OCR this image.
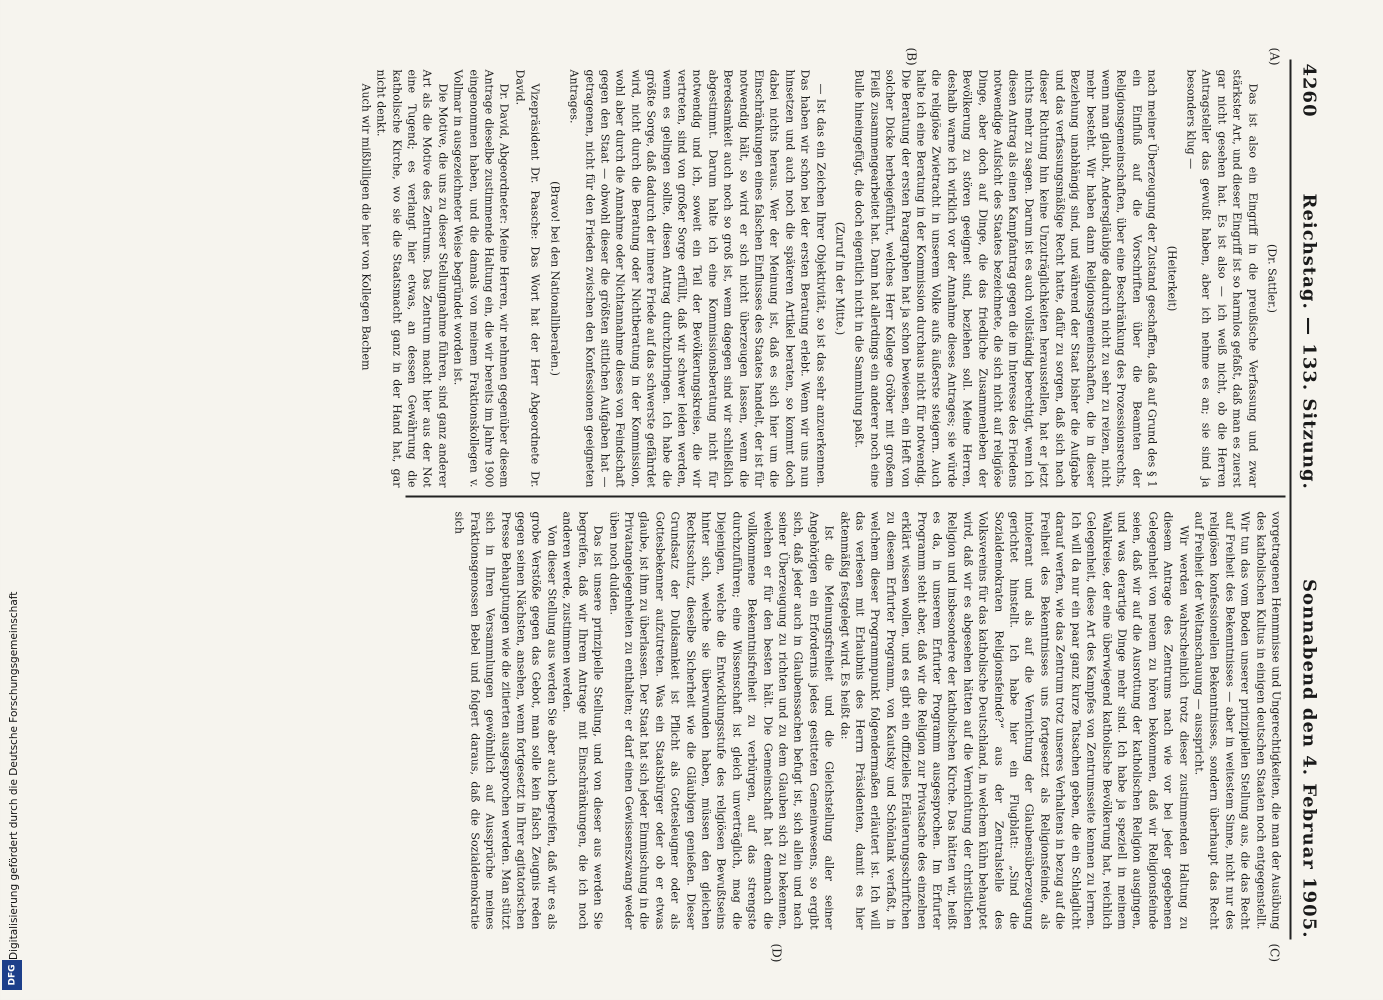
4260
Reichstag. — 133. Sitzung.
Sonnabend den 4. Februar 1905.
(A)
(B)
(C)
(D)

(Dr. Sattler.)

Das ist also ein Eingriff in die preußische Verfassung und zwar stärkster Art, und dieser Eingriff ist so harmlos gefaßt, daß man es zuerst gar nicht gesehen hat. Es ist also — ich weiß nicht, ob die Herren Antragsteller das gewußt haben, aber ich nehme es an; sie sind ja besonders klug —

(Heiterkeit)

nach meiner Überzeugung der Zustand geschaffen, daß auf Grund des § 1 ein Einfluß auf die Vorschriften über die Beamten der Religionsgemeinschaften, über eine Beschränkung des Prozessionsrechts, wenn man glaubt, Andersgläubige dadurch nicht zu sehr zu reizen, nicht mehr besteht. Wir haben dann Religionsgemeinschaften, die in dieser Beziehung unabhängig sind, und während der Staat bisher die Aufgabe und das verfassungsmäßige Recht hatte, dafür zu sorgen, daß sich nach dieser Richtung hin keine Unzuträglichkeiten herausstellen, hat er jetzt nichts mehr zu sagen. Darum ist es auch vollständig berechtigt, wenn ich diesen Antrag als einen Kampfantrag gegen die im Interesse des Friedens notwendige Aufsicht des Staates bezeichnete, die sich nicht auf religiöse Dinge, aber doch auf Dinge, die das friedliche Zusammenleben der Bevölkerung zu stören geeignet sind, beziehen soll. Meine Herren, deshalb warne ich wirklich vor der Annahme dieses Antrages; sie würde die religiöse Zwietracht in unserem Volke aufs äußerste steigern. Auch halte ich eine Beratung in der Kommission durchaus nicht für notwendig. Die Beratung der ersten Paragraphen hat ja schon bewiesen, ein Heft von solcher Dicke herbeigeführt, welches Herr Kollege Gröber mit großem Fleiß zusammengearbeitet hat. Dann hat allerdings ein anderer noch eine Bulle hineingefügt, die doch eigentlich nicht in die Sammlung paßt.

(Zuruf in der Mitte.)

— Ist das ein Zeichen Ihrer Objektivität, so ist das sehr anzuerkennen. Das haben wir schon bei der ersten Beratung erlebt. Wenn wir uns nun hinsetzen und auch noch die späteren Artikel beraten, so kommt doch dabei nichts heraus. Wer der Meinung ist, daß es sich hier um die Einschränkungen eines falschen Einflusses des Staates handelt, der ist für notwendig hält, so wird er sich nicht überzeugen lassen, wenn die Beredsamkeit auch noch so groß ist, wenn dagegen sind wir schließlich abgestimmt. Darum halte ich eine Kommissionsberatung nicht für notwendig und ich, soweit ein Teil der Bevölkerungskreise, die wir vertreten, sind von großer Sorge erfüllt, daß wir schwer leiden werden, wenn es gelingen sollte, diesen Antrag durchzubringen. Ich habe die größte Sorge, daß dadurch der innere Friede auf das schwerste gefährdet wird, nicht durch die Beratung oder Nichtberatung in der Kommission, wohl aber durch die Annahme oder Nichtannahme dieses von Feindschaft gegen den Staat — obwohl dieser die größten sittlichen Aufgaben hat — getragenen, nicht für den Frieden zwischen den Konfessionen geeigneten Antrages.

(Bravo! bei den Nationalliberalen.)

Vizepräsident Dr. Paasche: Das Wort hat der Herr Abgeordnete Dr. David.

Dr. David, Abgeordneter: Meine Herren, wir nehmen gegenüber diesem Antrage dieselbe zustimmende Haltung ein, die wir bereits im Jahre 1900 eingenommen haben, und die damals von meinem Fraktionskollegen v. Vollmar in ausgezeichneter Weise begründet worden ist.

Die Motive, die uns zu dieser Stellungnahme führen, sind ganz anderer Art als die Motive des Zentrums. Das Zentrum macht hier aus der Not eine Tugend; es verlangt hier etwas, an dessen Gewährung die katholische Kirche, wo sie die Staatsmacht ganz in der Hand hat, gar nicht denkt.

Auch wir mißbilligen die hier von Kollegen Bachem

vorgetragenen Hemmnisse und Ungerechtigkeiten, die man der Ausübung des katholischen Kultus in einigen deutschen Staaten noch entgegenstellt. Wir tun das vom Boden unserer prinzipiellen Stellung aus, die das Recht auf Freiheit des Bekenntnisses — aber in weitestem Sinne, nicht nur des religiösen konfessionellen Bekenntnisses, sondern überhaupt das Recht auf Freiheit der Weltanschauung — ausspricht.

Wir werden wahrscheinlich trotz dieser zustimmenden Haltung zu diesem Antrage des Zentrums nach wie vor bei jeder gegebenen Gelegenheit von neuem zu hören bekommen, daß wir Religionsfeinde seien, daß wir auf die Ausrottung der katholischen Religion ausgingen, und was derartige Dinge mehr sind. Ich habe ja speziell in meinem Wahlkreise, der eine überwiegend katholische Bevölkerung hat, reichlich Gelegenheit, diese Art des Kampfes von Zentrumsseite kennen zu lernen. Ich will da nur ein paar ganz kurze Tatsachen geben, die ein Schlaglicht darauf werfen, wie das Zentrum trotz unseres Verhaltens in bezug auf die Freiheit des Bekenntnisses uns fortgesetzt als Religionsfeinde, als intolerant und als auf die Vernichtung der Glaubensüberzeugung gerichtet hinstellt. Ich habe hier ein Flugblatt: „Sind die Sozialdemokraten Religionsfeinde?“ aus der Zentralstelle des Volksvereins für das katholische Deutschland, in welchem kühn behauptet wird, daß wir es abgesehen hätten auf die Vernichtung der christlichen Religion und insbesondere der katholischen Kirche. Das hätten wir, heißt es da, in unserem Erfurter Programm ausgesprochen. Im Erfurter Programm steht aber, daß wir die Religion zur Privatsache des einzelnen erklärt wissen wollen, und es gibt ein offizielles Erläuterungsschriftchen zu diesem Erfurter Programm, von Kautsky und Schönlank verfaßt, in welchem dieser Programmpunkt folgendermaßen erläutert ist. Ich will das verlesen mit Erlaubnis des Herrn Präsidenten, damit es hier aktenmäßig festgelegt wird. Es heißt da:

Ist die Meinungsfreiheit und die Gleichstellung aller seiner Angehörigen ein Erfordernis jedes gesitteten Gemeinwesens, so ergibt sich, daß jeder auch in Glaubenssachen befugt ist, sich allein und nach seiner Überzeugung zu richten und zu dem Glauben sich zu bekennen, welchen er für den besten hält. Die Gemeinschaft hat demnach die vollkommene Bekenntnisfreiheit zu verbürgen, auf das strengste durchzuführen; eine Wissenschaft ist gleich unverträglich, mag die Diejenigen, welche die Entwicklungsstufe des religiösen Bewußtseins hinter sich, welche sie überwunden haben, müssen den gleichen Rechtsschutz, dieselbe Sicherheit wie die Gläubigen genießen. Dieser Grundsatz der Duldsamkeit ist Pflicht als Gottesleugner oder als Gottesbekenner aufzutreten. Was ein Staatsbürger oder ob er etwas glaube, ist ihm zu überlassen. Der Staat hat sich jeder Einmischung in die Privatangelegenheiten zu enthalten; er darf einen Gewissenszwang weder üben noch dulden.

Das ist unsere prinzipielle Stellung, und von dieser aus werden Sie begreifen, daß wir Ihrem Antrage mit Einschränkungen, die ich noch anderen werde, zustimmen werden.

Von dieser Stellung aus werden Sie aber auch begreifen, daß wir es als grobe Verstöße gegen das Gebot, man solle kein falsch Zeugnis reden gegen seinen Nächsten, ansehen, wenn fortgesetzt in Ihrer agitatorischen Presse Behauptungen wie die zitierten ausgesprochen werden. Man stützt sich in Ihren Versammlungen gewöhnlich auf Aussprüche meines Fraktionsgenossen Bebel und folgert daraus, daß die Sozialdemokratie sich

Digitalisierung gefördert durch die Deutsche Forschungsgemeinschaft
DFG
